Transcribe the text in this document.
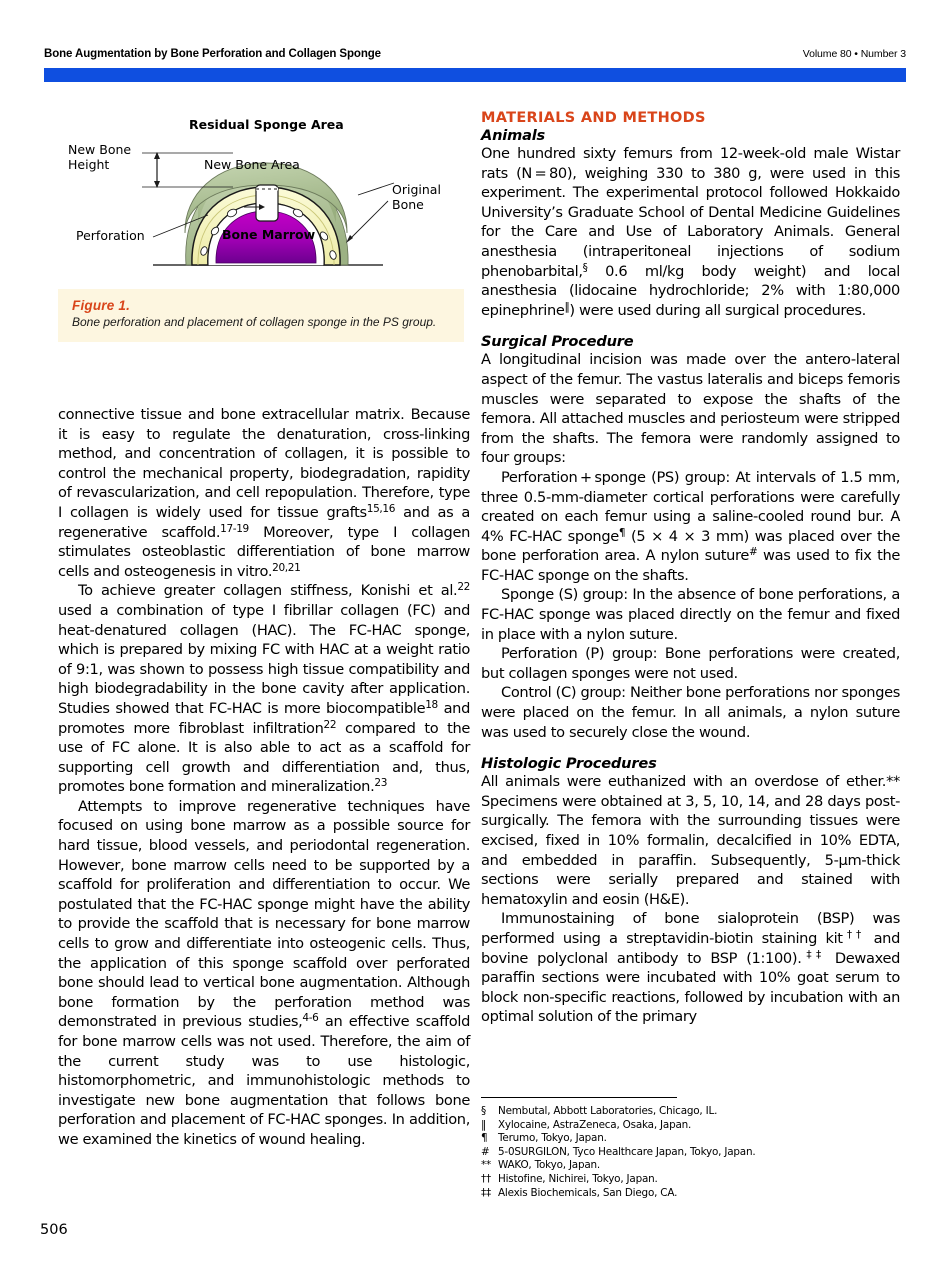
Bone Augmentation by Bone Perforation and Collagen Sponge	Volume 80 • Number 3
Residual Sponge Area
New Bone
Height	New Bone Area
Original Bone
Perforation	Bone Marrow
Figure 1.
Bone perforation and placement of collagen sponge in the PS group.

connective tissue and bone extracellular matrix. Because it is easy to regulate the denaturation, cross-linking method, and concentration of collagen, it is possible to control the mechanical property, biodegradation, rapidity of revascularization, and cell repopulation. Therefore, type I collagen is widely used for tissue grafts$^{15,16}$ and as a regenerative scaffold.$^{17-19}$ Moreover, type I collagen stimulates osteoblastic differentiation of bone marrow cells and osteogenesis in vitro.$^{20,21}$

To achieve greater collagen stiffness, Konishi et al.$^{22}$ used a combination of type I fibrillar collagen (FC) and heat-denatured collagen (HAC). The FC-HAC sponge, which is prepared by mixing FC with HAC at a weight ratio of 9:1, was shown to possess high tissue compatibility and high biodegradability in the bone cavity after application. Studies showed that FC-HAC is more biocompatible$^{18}$ and promotes more fibroblast infiltration$^{22}$ compared to the use of FC alone. It is also able to act as a scaffold for supporting cell growth and differentiation and, thus, promotes bone formation and mineralization.$^{23}$

Attempts to improve regenerative techniques have focused on using bone marrow as a possible source for hard tissue, blood vessels, and periodontal regeneration. However, bone marrow cells need to be supported by a scaffold for proliferation and differentiation to occur. We postulated that the FC-HAC sponge might have the ability to provide the scaffold that is necessary for bone marrow cells to grow and differentiate into osteogenic cells. Thus, the application of this sponge scaffold over perforated bone should lead to vertical bone augmentation. Although bone formation by the perforation method was demonstrated in previous studies,$^{4-6}$ an effective scaffold for bone marrow cells was not used. Therefore, the aim of the current study was to use histologic, histomorphometric, and immunohistologic methods to investigate new bone augmentation that follows bone perforation and placement of FC-HAC sponges. In addition, we examined the kinetics of wound healing.

MATERIALS AND METHODS
Animals

One hundred sixty femurs from 12-week-old male Wistar rats (N = 80), weighing 330 to 380 g, were used in this experiment. The experimental protocol followed Hokkaido University’s Graduate School of Dental Medicine Guidelines for the Care and Use of Laboratory Animals. General anesthesia (intraperitoneal injections of sodium phenobarbital,§ 0.6 ml/kg body weight) and local anesthesia (lidocaine hydrochloride; 2% with 1:80,000 epinephrine‖) were used during all surgical procedures.

Surgical Procedure

A longitudinal incision was made over the antero-lateral aspect of the femur. The vastus lateralis and biceps femoris muscles were separated to expose the shafts of the femora. All attached muscles and periosteum were stripped from the shafts. The femora were randomly assigned to four groups:

Perforation + sponge (PS) group: At intervals of 1.5 mm, three 0.5-mm-diameter cortical perforations were carefully created on each femur using a saline-cooled round bur. A 4% FC-HAC sponge¶ (5 × 4 × 3 mm) was placed over the bone perforation area. A nylon suture# was used to fix the FC-HAC sponge on the shafts.

Sponge (S) group: In the absence of bone perforations, a FC-HAC sponge was placed directly on the femur and fixed in place with a nylon suture.

Perforation (P) group: Bone perforations were created, but collagen sponges were not used.

Control (C) group: Neither bone perforations nor sponges were placed on the femur. In all animals, a nylon suture was used to securely close the wound.

Histologic Procedures

All animals were euthanized with an overdose of ether.** Specimens were obtained at 3, 5, 10, 14, and 28 days post-surgically. The femora with the surrounding tissues were excised, fixed in 10% formalin, decalcified in 10% EDTA, and embedded in paraffin. Subsequently, 5-µm-thick sections were serially prepared and stained with hematoxylin and eosin (H&E).

Immunostaining of bone sialoprotein (BSP) was performed using a streptavidin-biotin staining kit†† and bovine polyclonal antibody to BSP (1:100).‡‡ Dewaxed paraffin sections were incubated with 10% goat serum to block non-specific reactions, followed by incubation with an optimal solution of the primary

§	Nembutal, Abbott Laboratories, Chicago, IL.
‖	Xylocaine, AstraZeneca, Osaka, Japan.
¶	Terumo, Tokyo, Japan.
# 5-0SURGILON, Tyco Healthcare Japan, Tokyo, Japan.
** WAKO, Tokyo, Japan.
†† Histofine, Nichirei, Tokyo, Japan.
‡‡ Alexis Biochemicals, San Diego, CA.
506
